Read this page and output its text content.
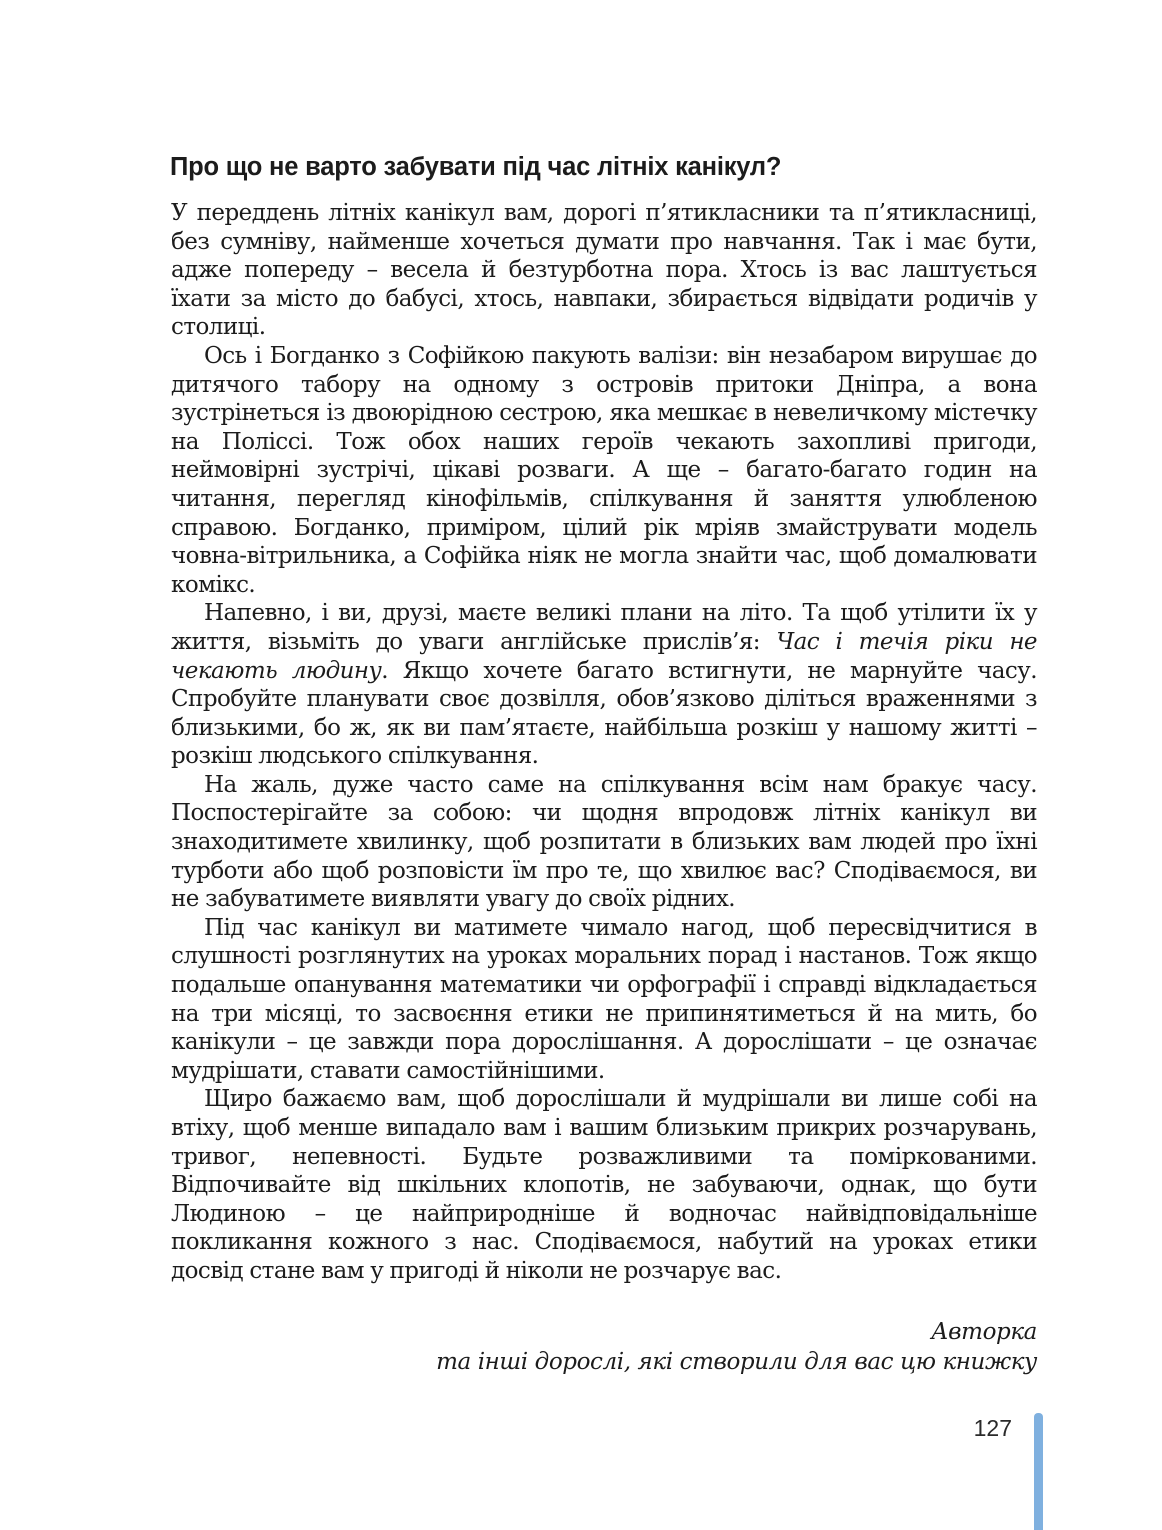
Про що не варто забувати під час літніх канікул?

У переддень літніх канікул вам, дорогі п’ятикласники та п’ятикласниці, без сумніву, найменше хочеться думати про навчання. Так і має бути, адже попереду – весела й безтурботна пора. Хтось із вас лаштується їхати за місто до бабусі, хтось, навпаки, збирається відвідати родичів у столиці.

Ось і Богданко з Софійкою пакують валізи: він незабаром вирушає до дитячого табору на одному з островів притоки Дніпра, а вона зустрінеться із двоюрідною сестрою, яка мешкає в невеличкому містечку на Поліссі. Тож обох наших героїв чекають захопливі пригоди, неймовірні зустрічі, цікаві розваги. А ще – багато-багато годин на читання, перегляд кінофільмів, спілкування й заняття улюбленою справою. Богданко, приміром, цілий рік мріяв змайструвати модель човна-вітрильника, а Софійка ніяк не могла знайти час, щоб домалювати комікс.

Напевно, і ви, друзі, маєте великі плани на літо. Та щоб утілити їх у життя, візьміть до уваги англійське прислів’я: Час і течія ріки не чекають людину. Якщо хочете багато встигнути, не марнуйте часу. Спробуйте планувати своє дозвілля, обов’язково діліться враженнями з близькими, бо ж, як ви пам’ятаєте, найбільша розкіш у нашому житті – розкіш людського спілкування.

На жаль, дуже часто саме на спілкування всім нам бракує часу. Поспостерігайте за собою: чи щодня впродовж літніх канікул ви знаходитимете хвилинку, щоб розпитати в близьких вам людей про їхні турботи або щоб розповісти їм про те, що хвилює вас? Сподіваємося, ви не забуватимете виявляти увагу до своїх рідних.

Під час канікул ви матимете чимало нагод, щоб пересвідчитися в слушності розглянутих на уроках моральних порад і настанов. Тож якщо подальше опанування математики чи орфографії і справді відкладається на три місяці, то засвоєння етики не припинятиметься й на мить, бо канікули – це завжди пора дорослішання. А дорослішати – це означає мудрішати, ставати самостійнішими.

Щиро бажаємо вам, щоб дорослішали й мудрішали ви лише собі на втіху, щоб менше випадало вам і вашим близьким прикрих розчарувань, тривог, непевності. Будьте розважливими та поміркованими. Відпочивайте від шкільних клопотів, не забуваючи, однак, що бути Людиною – це найприродніше й водночас найвідповідальніше покликання кожного з нас. Сподіваємося, набутий на уроках етики досвід стане вам у пригоді й ніколи не розчарує вас.

Авторка
та інші дорослі, які створили для вас цю книжку
127
